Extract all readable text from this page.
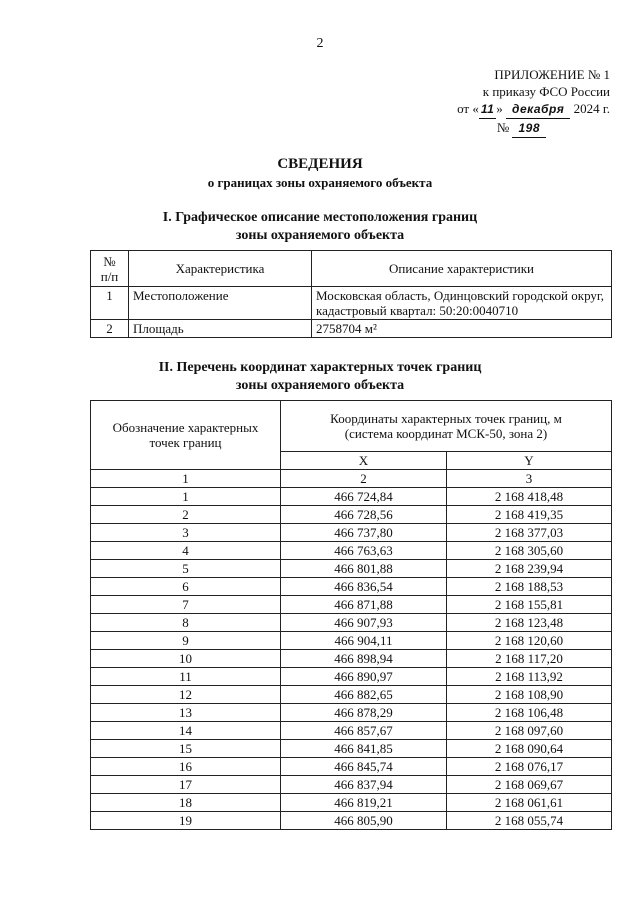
2
ПРИЛОЖЕНИЕ № 1
к приказу ФСО России
от « 11 » декабря 2024 г.
№ 198
СВЕДЕНИЯ
о границах зоны охраняемого объекта
I. Графическое описание местоположения границ
зоны охраняемого объекта
№
п/п	Характеристика	Описание характеристики
1	Местоположение	Московская область, Одинцовский городской округ, кадастровый квартал: 50:20:0040710
2	Площадь	2758704 м²
II. Перечень координат характерных точек границ
зоны охраняемого объекта
Обозначение характерных точек границ	Координаты характерных точек границ, м
(система координат МСК-50, зона 2)	

	X	Y
1	2	3
1	466 724,84	2 168 418,48
2	466 728,56	2 168 419,35
3	466 737,80	2 168 377,03
4	466 763,63	2 168 305,60
5	466 801,88	2 168 239,94
6	466 836,54	2 168 188,53
7	466 871,88	2 168 155,81
8	466 907,93	2 168 123,48
9	466 904,11	2 168 120,60
10	466 898,94	2 168 117,20
11	466 890,97	2 168 113,92
12	466 882,65	2 168 108,90
13	466 878,29	2 168 106,48
14	466 857,67	2 168 097,60
15	466 841,85	2 168 090,64
16	466 845,74	2 168 076,17
17	466 837,94	2 168 069,67
18	466 819,21	2 168 061,61
19	466 805,90	2 168 055,74
